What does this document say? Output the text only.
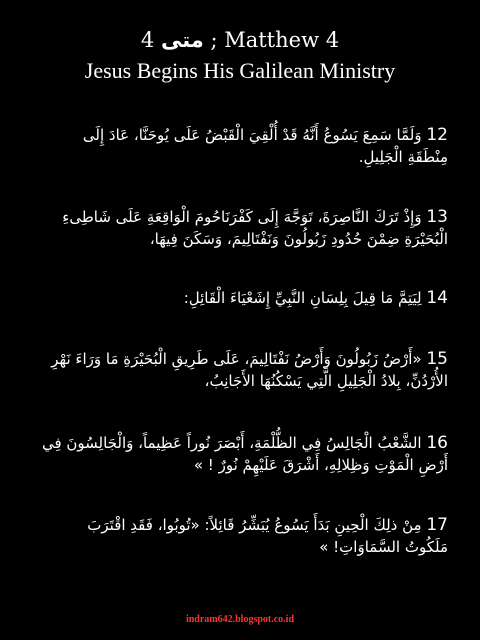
متى 4 ; Matthew 4
Jesus Begins His Galilean Ministry
12 وَلَمَّا سَمِعَ يَسُوعُ أَنَّهُ قَدْ أُلْقِيَ الْقَبْضُ عَلَى يُوحَنَّا، عَادَ إِلَى مِنْطَقَةِ الْجَلِيلِ.
13 وَإِذْ تَرَكَ النَّاصِرَةَ، تَوَجَّهَ إِلَى كَفْرَنَاحُومَ الْوَاقِعَةِ عَلَى شَاطِىءِ الْبُحَيْرَةِ ضِمْنَ حُدُودِ زَبُولُونَ وَنَفْتَالِيمَ، وَسَكَنَ فِيهَا،
14 لِيَتِمَّ مَا قِيلَ بِلِسَانِ النَّبِيِّ إِشَعْيَاءَ الْقَائِلِ:
15 «أَرْضُ زَبُولُونَ وَأَرْضُ نَفْتَالِيمَ، عَلَى طَرِيقِ الْبُحَيْرَةِ مَا وَرَاءَ نَهْرِ الأُرْدُنِّ، بِلادُ الْجَلِيلِ الَّتِي يَسْكُنُهَا الأَجَانِبُ،
16 الشَّعْبُ الْجَالِسُ فِي الظُّلْمَةِ، أَبْصَرَ نُوراً عَظِيماً، وَالْجَالِسُونَ فِي أَرْضِ الْمَوْتِ وَظِلالِهِ، أَشْرَقَ عَلَيْهِمْ نُورٌ ! »
17 مِنْ ذلِكَ الْحِينِ بَدَأَ يَسُوعُ يُبَشِّرُ قَائِلاً: «تُوبُوا، فَقَدِ اقْتَرَبَ مَلَكُوتُ السَّمَاوَاتِ! »
indram642.blogspot.co.id
